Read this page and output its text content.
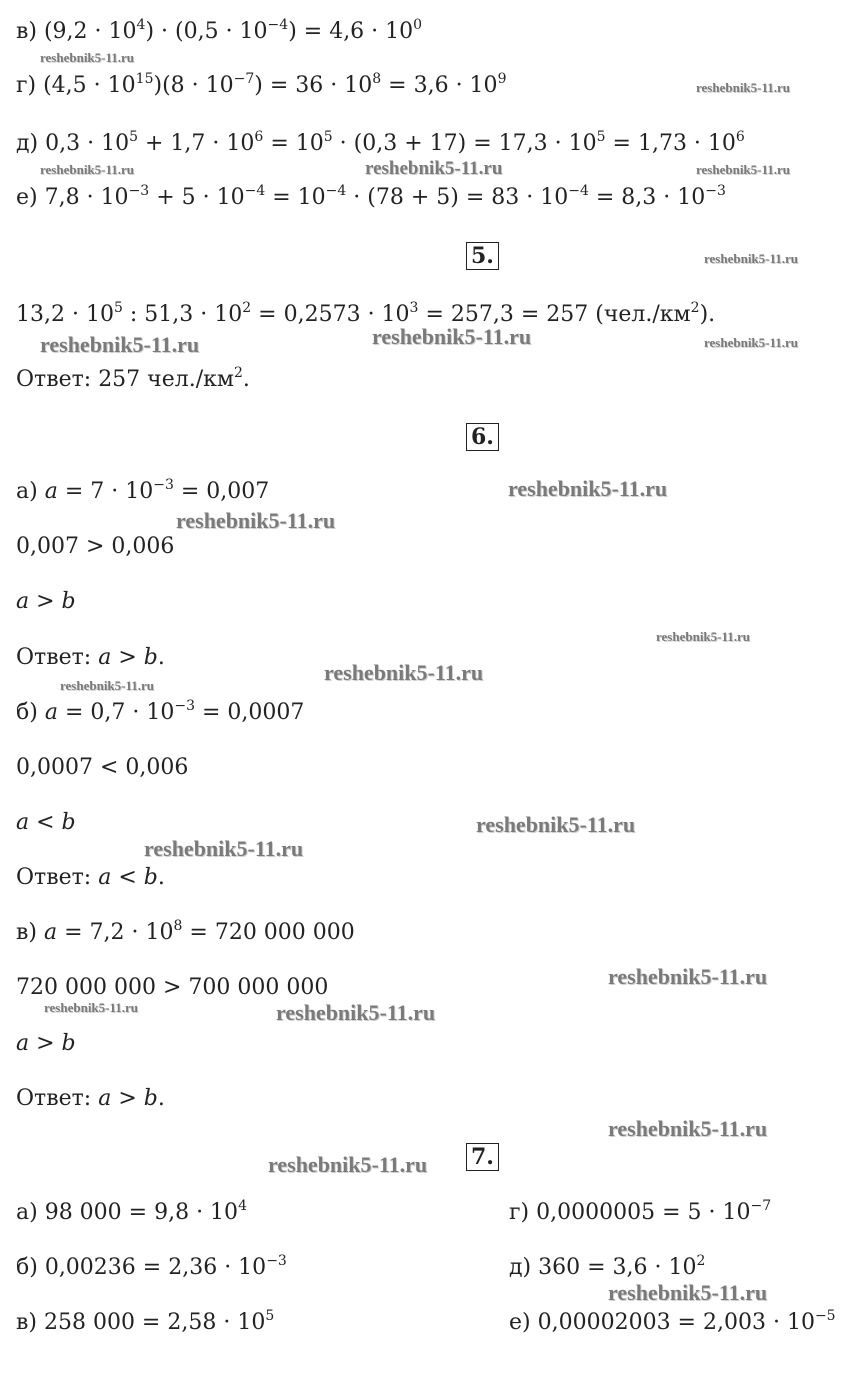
в) $(9,2 \cdot 10^4) \cdot (0,5 \cdot 10^{-4}) = 4,6 \cdot 10^0$
г) $(4,5 \cdot 10^{15})(8 \cdot 10^{-7}) = 36 \cdot 10^8 = 3,6 \cdot 10^9$
д) $0,3 \cdot 10^5 + 1,7 \cdot 10^6 = 10^5 \cdot (0,3 + 17) = 17,3 \cdot 10^5 = 1,73 \cdot 10^6$
е) $7,8 \cdot 10^{-3} + 5 \cdot 10^{-4} = 10^{-4} \cdot (78 + 5) = 83 \cdot 10^{-4} = 8,3 \cdot 10^{-3}$
5.
$13,2 \cdot 10^5$ : $51,3 \cdot 10^2 = 0,2573 \cdot 10^3 = 257,3 = 257$ $(чел./км^2)$.
Ответ: 257 $чел./км^2$.
6.
а) $a = 7 \cdot 10^{-3} = 0,007$
0,007 > 0,006
a > b
Ответ: a > b.
б) $a = 0,7 \cdot 10^{-3} = 0,0007$
0,0007 < 0,006
a < b
Ответ: a < b.
в) $a = 7,2 \cdot 10^8 = 720$ 000 000
720 000 000 > 700 000 000
a > b
Ответ: a > b.
7.
а) 98 $000 = 9,8 \cdot 10^4$
б) $0,00236 = 2,36 \cdot 10^{-3}$
в) 258 $000 = 2,58 \cdot 10^5$
г) $0,0000005 = 5 \cdot 10^{-7}$
д) $360 = 3,6 \cdot 10^2$
е) $0,00002003 = 2,003 \cdot 10^{-5}$
reshebnik5-11.ru
reshebnik5-11.ru
reshebnik5-11.ru	reshebnik5-11.ru	reshebnik5-11.ru
reshebnik5-11.ru
reshebnik5-11.ru	reshebnik5-11.ru	reshebnik5-11.ru
reshebnik5-11.ru
reshebnik5-11.ru
reshebnik5-11.ru
reshebnik5-11.ru
reshebnik5-11.ru
reshebnik5-11.ru
reshebnik5-11.ru
reshebnik5-11.ru
reshebnik5-11.ru	reshebnik5-11.ru
reshebnik5-11.ru
reshebnik5-11.ru
reshebnik5-11.ru
